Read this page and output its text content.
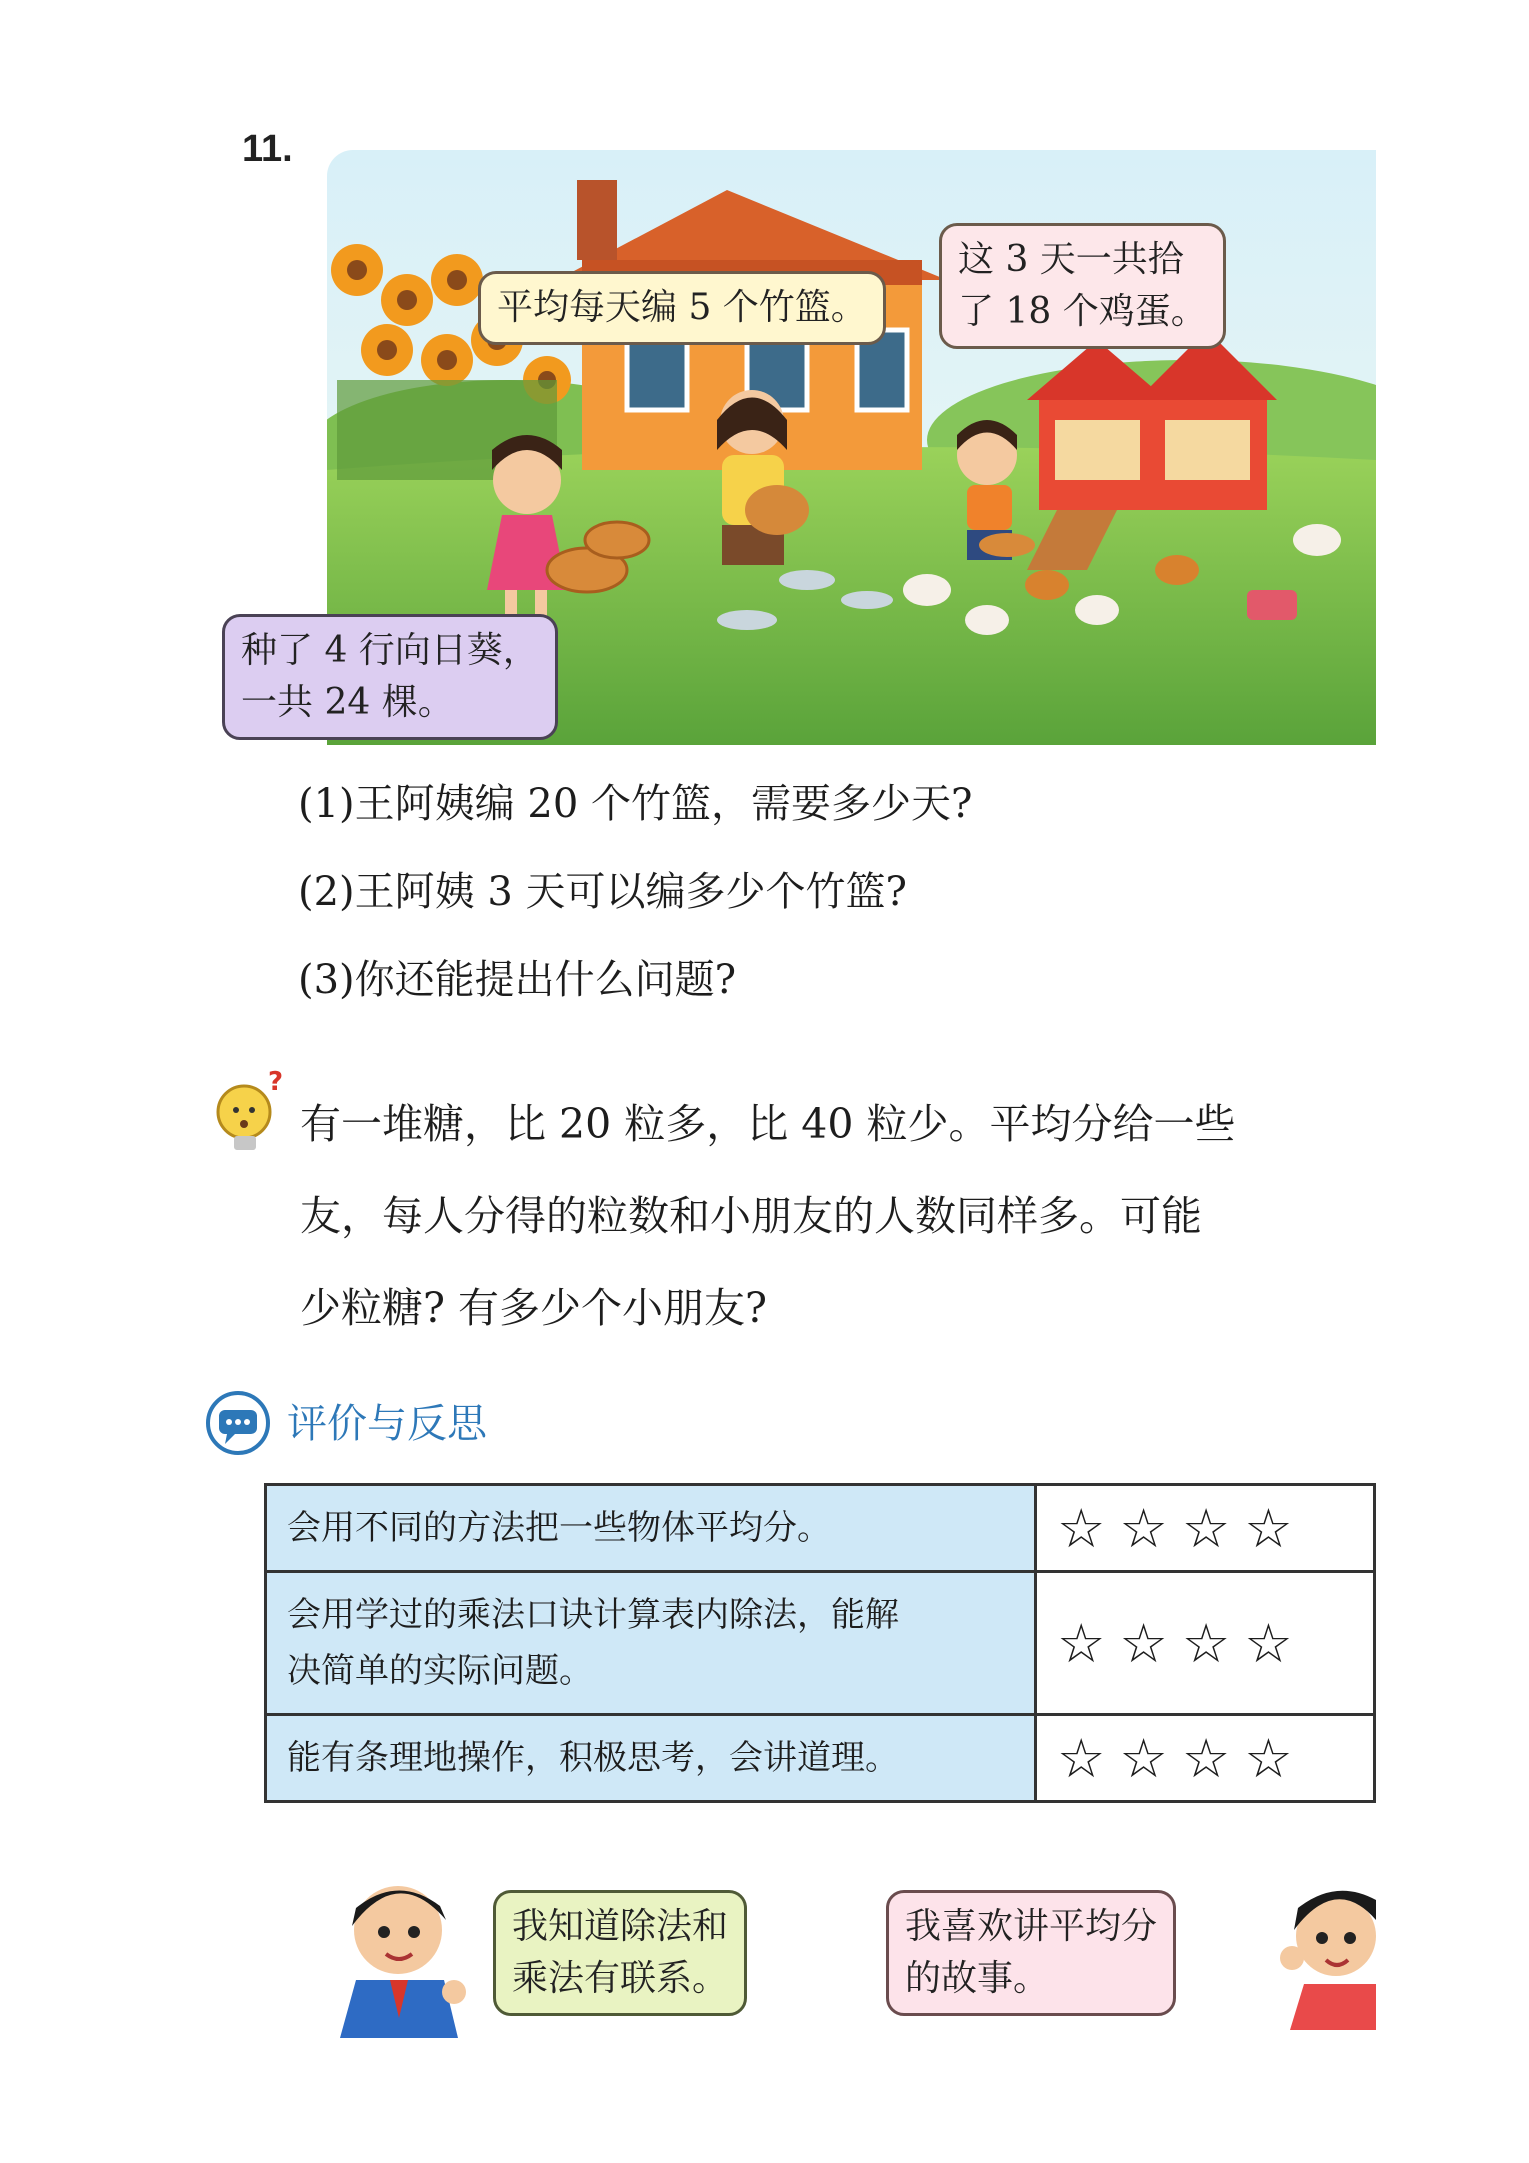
11.
平均每天编 5 个竹篮。
这 3 天一共拾
了 18 个鸡蛋。
种了 4 行向日葵，
一共 24 棵。
(1)王阿姨编 20 个竹篮，需要多少天?
(2)王阿姨 3 天可以编多少个竹篮?
(3)你还能提出什么问题?
?
有一堆糖，比 20 粒多，比 40 粒少。平均分给一些
友，每人分得的粒数和小朋友的人数同样多。可能
少粒糖? 有多少个小朋友?
评价与反思
会用不同的方法把一些物体平均分。	☆ ☆ ☆ ☆

会用学过的乘法口诀计算表内除法，能解
决简单的实际问题。	☆ ☆ ☆ ☆

能有条理地操作，积极思考，会讲道理。	☆ ☆ ☆ ☆
我知道除法和
乘法有联系。
我喜欢讲平均分
的故事。
